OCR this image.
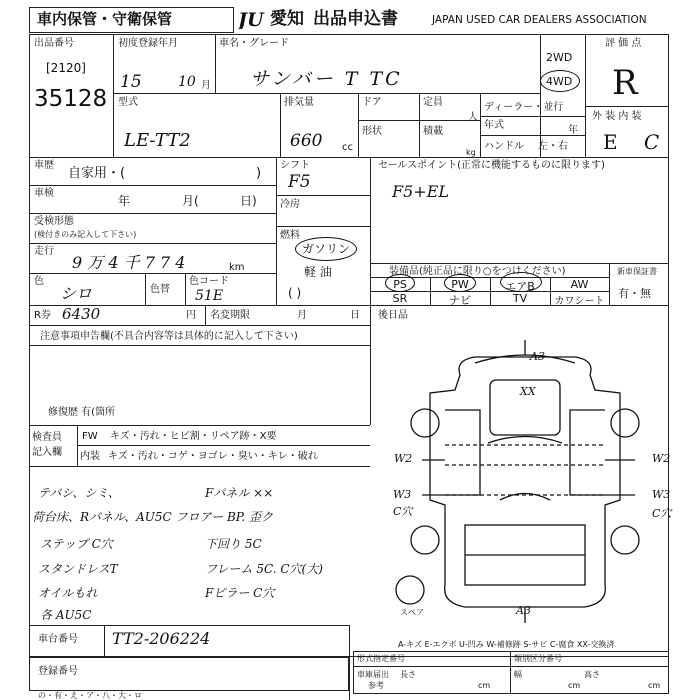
車内保管・守衛保管	JU 愛知 出品申込書	JAPAN USED CAR DEALERS ASSOCIATION
出品番号
[2120]
35128
初度登録年月
15	10 月
車名・グレード
サンバー T TC
2WD
4WD
評 価 点
R
型式
LE-TT2
排気量
660 cc
ドア	定員
人
形状	積載
kg
ディーラー・並行
年式	年
ハンドル 左・右
外 装 内 装
E C
車歴
自家用・(	)
車検
年	月(	日)
受検形態
(検付きのみ記入して下さい)
走行
9 万 4 千 7 7 4	km
色
シロ	色替
色コード
51E
シフト
F5
冷房
燃料
ガソリン
軽 油
( )
セールスポイント(正常に機能するものに限ります)
F5+EL
装備品(純正品に限り○をつけください)
PS	PW	エアB	AW
SR	ナビ	TV	カワシート
新車保証書
有・無
R券 6430	円 名変期限	月	日 後日品
注意事項申告欄(不具合内容等は具体的に記入して下さい)
修復歴 有(箇所
検査員
記入欄
FW キズ・汚れ・ヒビ割・リペア跡・X要
内装 キズ・汚れ・コゲ・ヨゴレ・臭い・キレ・破れ
テバシ、シミ、	Fパネル ××
荷台床、Rパネル、AU5C フロアー BP. 歪ク
ステップ C穴	下回り 5C
スタンドレスT	フレーム 5C. C穴(大)
オイルもれ	Fピラー C穴
各 AU5C
車台番号 TT2-206224
登録番号
の・有・え・ア・八・大・ロ
A3
XX
W2	W2
W3
C穴
W3
C穴
A3
スペア
A-キズ E-エクボ U-凹み W-補修跡 S-サビ C-腐食 XX-交換済
形式指定番号	類別区分番号
車庫届出
参考
長さ
cm
幅
cm
高さ
cm
